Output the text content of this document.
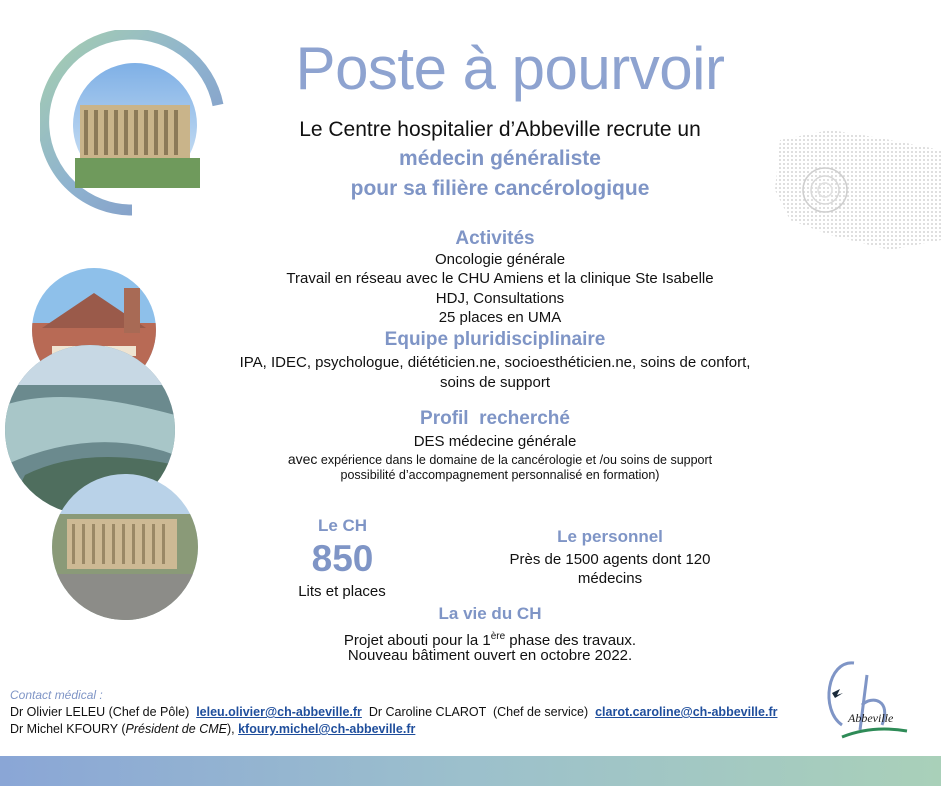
Poste à pourvoir
Le Centre hospitalier d’Abbeville recrute un
médecin généraliste
pour sa filière cancérologique
Activités
Oncologie générale
Travail en réseau avec le CHU Amiens et la clinique Ste Isabelle
HDJ, Consultations
25 places en UMA
Equipe pluridisciplinaire
IPA, IDEC, psychologue, diététicien.ne, socioesthéticien.ne, soins de confort,
soins de support
Profil  recherché
DES médecine générale
avec expérience dans le domaine de la cancérologie et /ou soins de support
possibilité d’accompagnement personnalisé en formation)
Le CH
850
Lits et places
Le personnel
Près de 1500 agents dont 120
médecins
La vie du CH
Projet abouti pour la 1ère phase des travaux.
Nouveau bâtiment ouvert en octobre 2022.
Contact médical :
Dr Olivier LELEU (Chef de Pôle)  leleu.olivier@ch-abbeville.fr  Dr Caroline CLAROT  (Chef de service)  clarot.caroline@ch-abbeville.fr
Dr Michel KFOURY (Président de CME), kfoury.michel@ch-abbeville.fr
Abbeville
